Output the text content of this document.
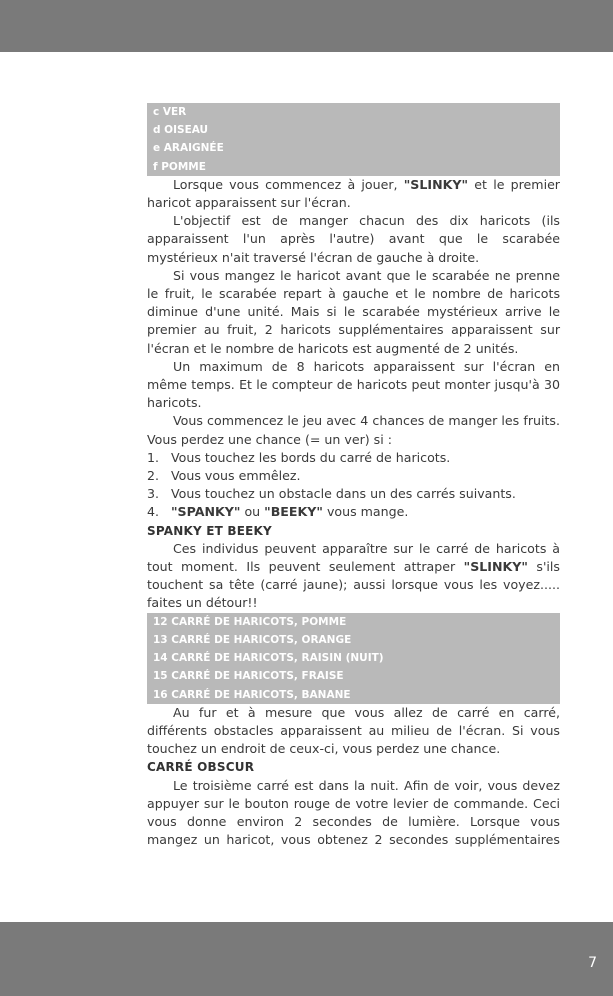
c VER
d OISEAU
e ARAIGNÉE
f POMME

Lorsque vous commencez à jouer, "SLINKY" et le premier haricot apparaissent sur l'écran.

L'objectif est de manger chacun des dix haricots (ils apparaissent l'un après l'autre) avant que le scarabée mystérieux n'ait traversé l'écran de gauche à droite.

Si vous mangez le haricot avant que le scarabée ne prenne le fruit, le scarabée repart à gauche et le nombre de haricots diminue d'une unité. Mais si le scarabée mystérieux arrive le premier au fruit, 2 haricots supplémentaires apparaissent sur l'écran et le nombre de haricots est augmenté de 2 unités.

Un maximum de 8 haricots apparaissent sur l'écran en même temps. Et le compteur de haricots peut monter jusqu'à 30 haricots.

Vous commencez le jeu avec 4 chances de manger les fruits. Vous perdez une chance (= un ver) si :

1. Vous touchez les bords du carré de haricots.

2. Vous vous emmêlez.

3. Vous touchez un obstacle dans un des carrés suivants.

4. "SPANKY" ou "BEEKY" vous mange.

SPANKY ET BEEKY

Ces individus peuvent apparaître sur le carré de haricots à tout moment. Ils peuvent seulement attraper "SLINKY" s'ils touchent sa tête (carré jaune); aussi lorsque vous les voyez..... faites un détour!!

12 CARRÉ DE HARICOTS, POMME
13 CARRÉ DE HARICOTS, ORANGE
14 CARRÉ DE HARICOTS, RAISIN (NUIT)
15 CARRÉ DE HARICOTS, FRAISE
16 CARRÉ DE HARICOTS, BANANE

Au fur et à mesure que vous allez de carré en carré, différents obstacles apparaissent au milieu de l'écran. Si vous touchez un endroit de ceux-ci, vous perdez une chance.

CARRÉ OBSCUR

Le troisième carré est dans la nuit. Afin de voir, vous devez appuyer sur le bouton rouge de votre levier de commande. Ceci vous donne environ 2 secondes de lumière. Lorsque vous mangez un haricot, vous obtenez 2 secondes supplémentaires

7
